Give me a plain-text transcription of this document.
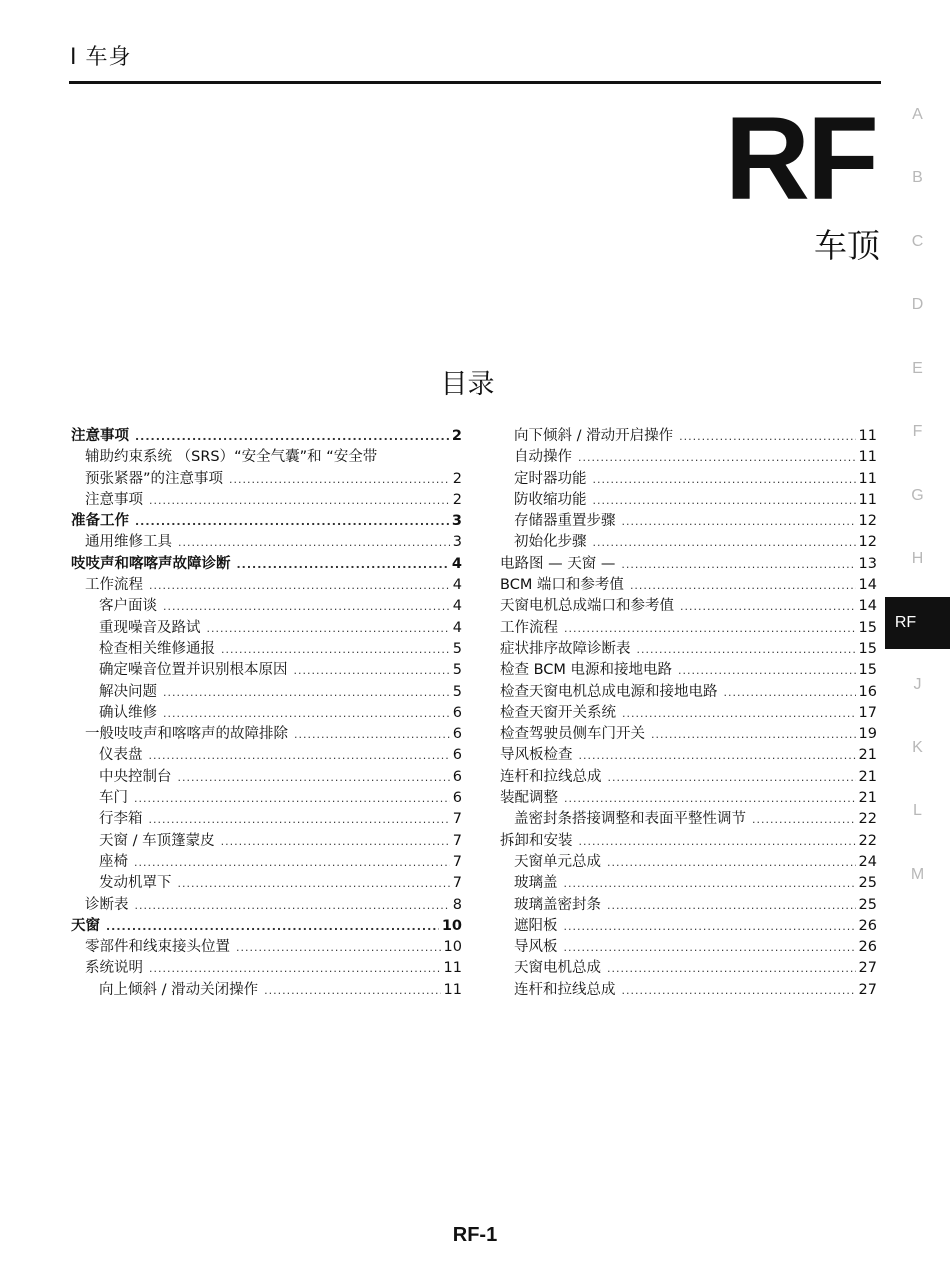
I 车身
RF
车顶
目录
A
B
C
D
E
F
G
H
RF
J
K
L
M
注意事项 .....	2
辅助约束系统 （SRS）“安全气囊”和 “安全带
预张紧器”的注意事项 .....	2
注意事项 .....	2
准备工作 .....	3
通用维修工具 .....	3
吱吱声和喀喀声故障诊断 .....	4
工作流程 .....	4
客户面谈 .....	4
重现噪音及路试 .....	4
检查相关维修通报 .....	5
确定噪音位置并识别根本原因 .....	5
解决问题 .....	5
确认维修 .....	6
一般吱吱声和喀喀声的故障排除 .....	6
仪表盘 .....	6
中央控制台 .....	6
车门 .....	6
行李箱 .....	7
天窗 / 车顶篷蒙皮 .....	7
座椅 .....	7
发动机罩下 .....	7
诊断表 .....	8
天窗 .....	10
零部件和线束接头位置 .....	10
系统说明 .....	11
向上倾斜 / 滑动关闭操作 .....	11
向下倾斜 / 滑动开启操作 .....	11
自动操作 .....	11
定时器功能 .....	11
防收缩功能 .....	11
存储器重置步骤 .....	12
初始化步骤 .....	12
电路图 — 天窗 — .....	13
BCM 端口和参考值 .....	14
天窗电机总成端口和参考值 .....	14
工作流程 .....	15
症状排序故障诊断表 .....	15
检查 BCM 电源和接地电路 .....	15
检查天窗电机总成电源和接地电路 .....	16
检查天窗开关系统 .....	17
检查驾驶员侧车门开关 .....	19
导风板检查 .....	21
连杆和拉线总成 .....	21
装配调整 .....	21
盖密封条搭接调整和表面平整性调节 .....	22
拆卸和安装 .....	22
天窗单元总成 .....	24
玻璃盖 .....	25
玻璃盖密封条 .....	25
遮阳板 .....	26
导风板 .....	26
天窗电机总成 .....	27
连杆和拉线总成 .....	27
RF-1
